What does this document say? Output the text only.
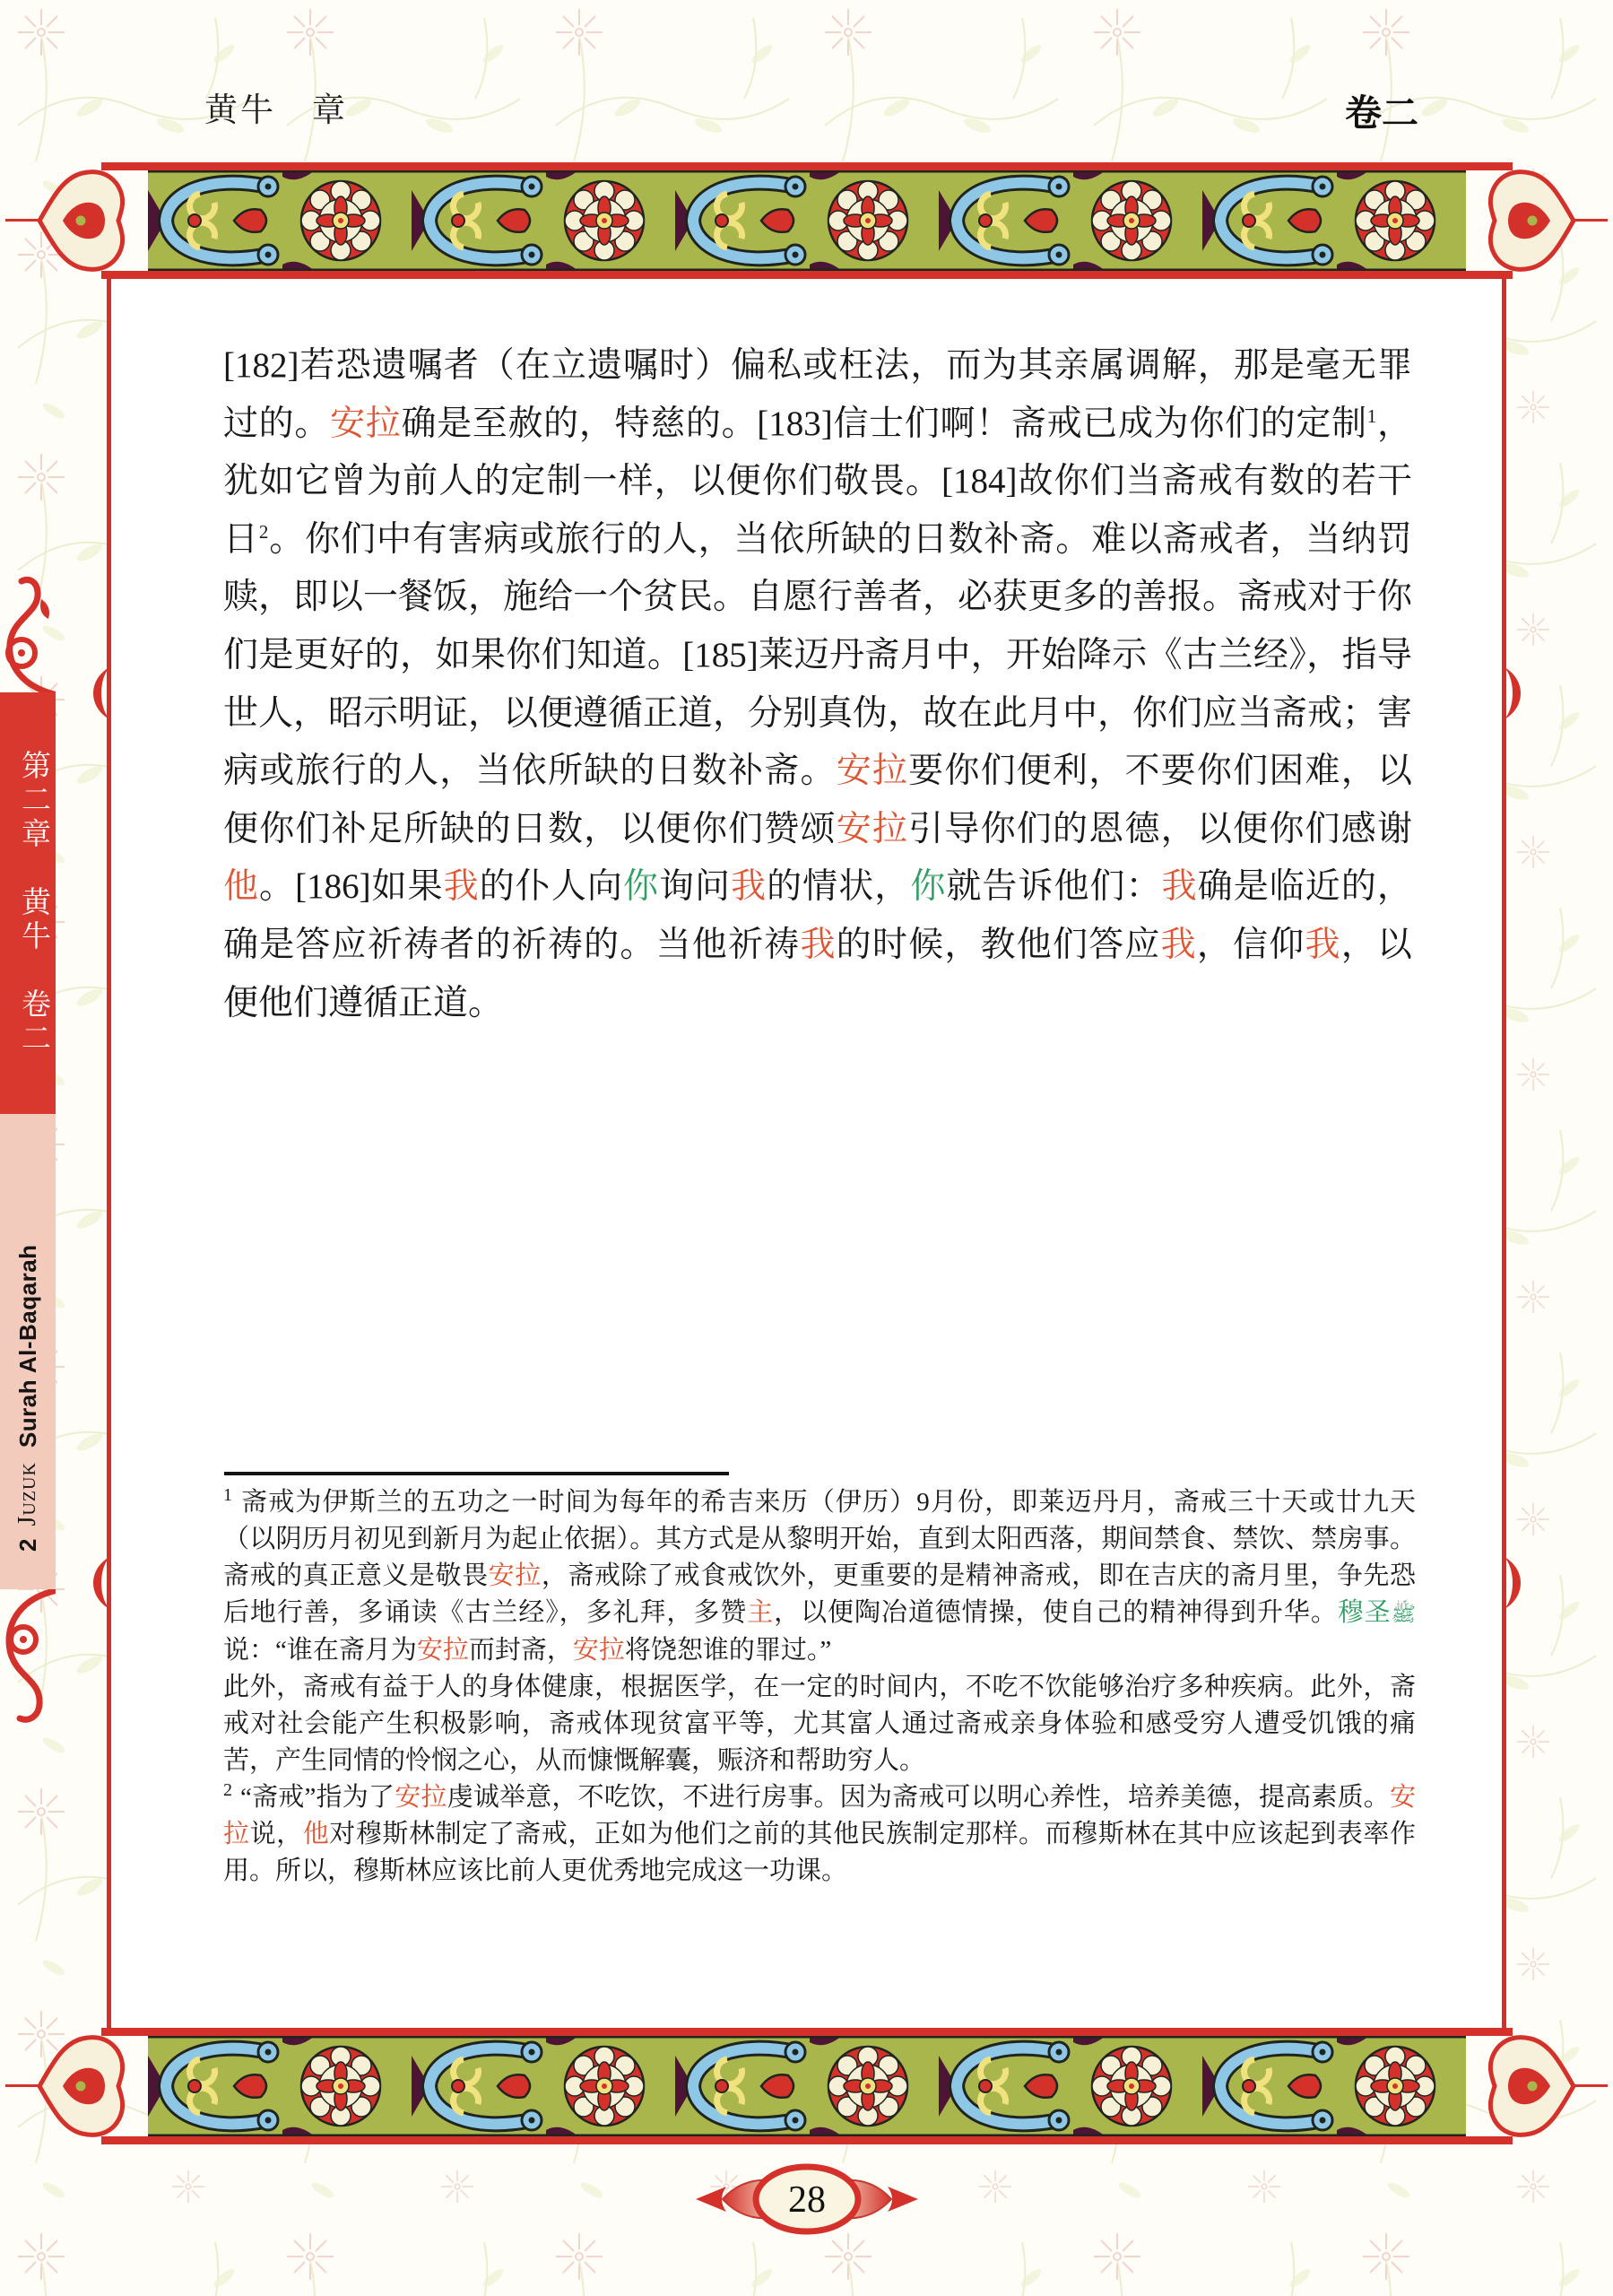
黄牛　章	卷二
第二章　黄牛　卷二
2
Juzuk
Surah Al-Baqarah

[182]若恐遗嘱者（在立遗嘱时）偏私或枉法，而为其亲属调解，那是毫无罪过的。安拉确是至赦的，特慈的。[183]信士们啊！斋戒已成为你们的定制$^1$，犹如它曾为前人的定制一样，以便你们敬畏。[184]故你们当斋戒有数的若干日$^2$。你们中有害病或旅行的人，当依所缺的日数补斋。难以斋戒者，当纳罚赎，即以一餐饭，施给一个贫民。自愿行善者，必获更多的善报。斋戒对于你们是更好的，如果你们知道。[185]莱迈丹斋月中，开始降示《古兰经》，指导世人，昭示明证，以便遵循正道，分别真伪，故在此月中，你们应当斋戒；害病或旅行的人，当依所缺的日数补斋。安拉要你们便利，不要你们困难，以便你们补足所缺的日数，以便你们赞颂安拉引导你们的恩德，以便你们感谢他。[186]如果我的仆人向你询问我的情状，你就告诉他们：我确是临近的，确是答应祈祷者的祈祷的。当他祈祷我的时候，教他们答应我，信仰我，以便他们遵循正道。

$^1$ 斋戒为伊斯兰的五功之一时间为每年的希吉来历（伊历）9月份，即莱迈丹月，斋戒三十天或廿九天（以阴历月初见到新月为起止依据）。其方式是从黎明开始，直到太阳西落，期间禁食、禁饮、禁房事。斋戒的真正意义是敬畏安拉，斋戒除了戒食戒饮外，更重要的是精神斋戒，即在吉庆的斋月里，争先恐后地行善，多诵读《古兰经》，多礼拜，多赞主，以便陶冶道德情操，使自己的精神得到升华。穆圣ﷺ说：“谁在斋月为安拉而封斋，安拉将饶恕谁的罪过。”
此外，斋戒有益于人的身体健康，根据医学，在一定的时间内，不吃不饮能够治疗多种疾病。此外，斋戒对社会能产生积极影响，斋戒体现贫富平等，尤其富人通过斋戒亲身体验和感受穷人遭受饥饿的痛苦，产生同情的怜悯之心，从而慷慨解囊，赈济和帮助穷人。

$^2$ “斋戒”指为了安拉虔诚举意，不吃饮，不进行房事。因为斋戒可以明心养性，培养美德，提高素质。安拉说，他对穆斯林制定了斋戒，正如为他们之前的其他民族制定那样。而穆斯林在其中应该起到表率作用。所以，穆斯林应该比前人更优秀地完成这一功课。

28
